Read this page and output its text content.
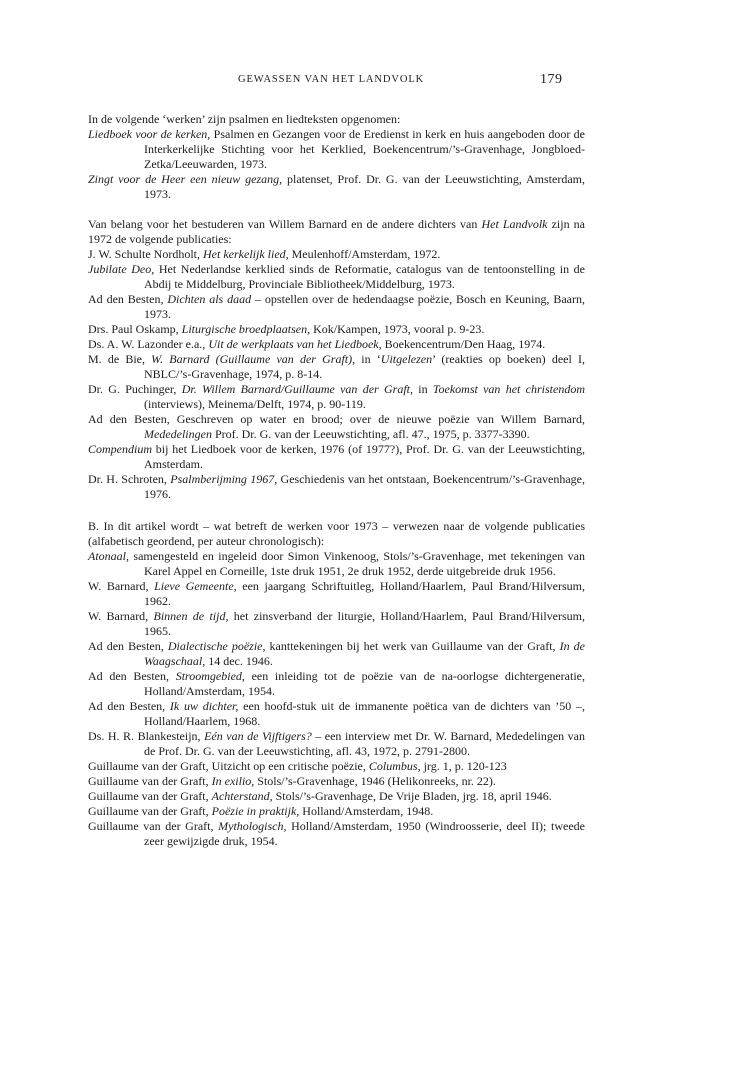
GEWASSEN VAN HET LANDVOLK	179

In de volgende ‘werken’ zijn psalmen en liedteksten opgenomen:

Liedboek voor de kerken, Psalmen en Gezangen voor de Eredienst in kerk en huis aangeboden door de Interkerkelijke Stichting voor het Kerklied, Boekencentrum/’s-Gravenhage, Jongbloed-Zetka/Leeuwarden, 1973.

Zingt voor de Heer een nieuw gezang, platenset, Prof. Dr. G. van der Leeuwstichting, Amsterdam, 1973.

Van belang voor het bestuderen van Willem Barnard en de andere dichters van Het Landvolk zijn na 1972 de volgende publicaties:

J. W. Schulte Nordholt, Het kerkelijk lied, Meulenhoff/Amsterdam, 1972.

Jubilate Deo, Het Nederlandse kerklied sinds de Reformatie, catalogus van de tentoonstelling in de Abdij te Middelburg, Provinciale Bibliotheek/Middelburg, 1973.

Ad den Besten, Dichten als daad – opstellen over de hedendaagse poëzie, Bosch en Keuning, Baarn, 1973.

Drs. Paul Oskamp, Liturgische broedplaatsen, Kok/Kampen, 1973, vooral p. 9-23.

Ds. A. W. Lazonder e.a., Uit de werkplaats van het Liedboek, Boekencentrum/Den Haag, 1974.

M. de Bie, W. Barnard (Guillaume van der Graft), in ‘Uitgelezen’ (reakties op boeken) deel I, NBLC/’s-Gravenhage, 1974, p. 8-14.

Dr. G. Puchinger, Dr. Willem Barnard/Guillaume van der Graft, in Toekomst van het christendom (interviews), Meinema/Delft, 1974, p. 90-119.

Ad den Besten, Geschreven op water en brood; over de nieuwe poëzie van Willem Barnard, Mededelingen Prof. Dr. G. van der Leeuwstichting, afl. 47., 1975, p. 3377-3390.

Compendium bij het Liedboek voor de kerken, 1976 (of 1977?), Prof. Dr. G. van der Leeuwstichting, Amsterdam.

Dr. H. Schroten, Psalmberijming 1967, Geschiedenis van het ontstaan, Boekencentrum/’s-Gravenhage, 1976.

B. In dit artikel wordt – wat betreft de werken voor 1973 – verwezen naar de volgende publicaties (alfabetisch geordend, per auteur chronologisch):

Atonaal, samengesteld en ingeleid door Simon Vinkenoog, Stols/’s-Gravenhage, met tekeningen van Karel Appel en Corneille, 1ste druk 1951, 2e druk 1952, derde uitgebreide druk 1956.

W. Barnard, Lieve Gemeente, een jaargang Schriftuitleg, Holland/Haarlem, Paul Brand/Hilversum, 1962.

W. Barnard, Binnen de tijd, het zinsverband der liturgie, Holland/Haarlem, Paul Brand/Hilversum, 1965.

Ad den Besten, Dialectische poëzie, kanttekeningen bij het werk van Guillaume van der Graft, In de Waagschaal, 14 dec. 1946.

Ad den Besten, Stroomgebied, een inleiding tot de poëzie van de na-oorlogse dichtergeneratie, Holland/Amsterdam, 1954.

Ad den Besten, Ik uw dichter, een hoofd-stuk uit de immanente poëtica van de dichters van ’50 –, Holland/Haarlem, 1968.

Ds. H. R. Blankesteijn, Eén van de Vijftigers? – een interview met Dr. W. Barnard, Mededelingen van de Prof. Dr. G. van der Leeuwstichting, afl. 43, 1972, p. 2791-2800.

Guillaume van der Graft, Uitzicht op een critische poëzie, Columbus, jrg. 1, p. 120-123

Guillaume van der Graft, In exilio, Stols/’s-Gravenhage, 1946 (Helikonreeks, nr. 22).

Guillaume van der Graft, Achterstand, Stols/’s-Gravenhage, De Vrije Bladen, jrg. 18, april 1946.

Guillaume van der Graft, Poëzie in praktijk, Holland/Amsterdam, 1948.

Guillaume van der Graft, Mythologisch, Holland/Amsterdam, 1950 (Windroosserie, deel II); tweede zeer gewijzigde druk, 1954.
